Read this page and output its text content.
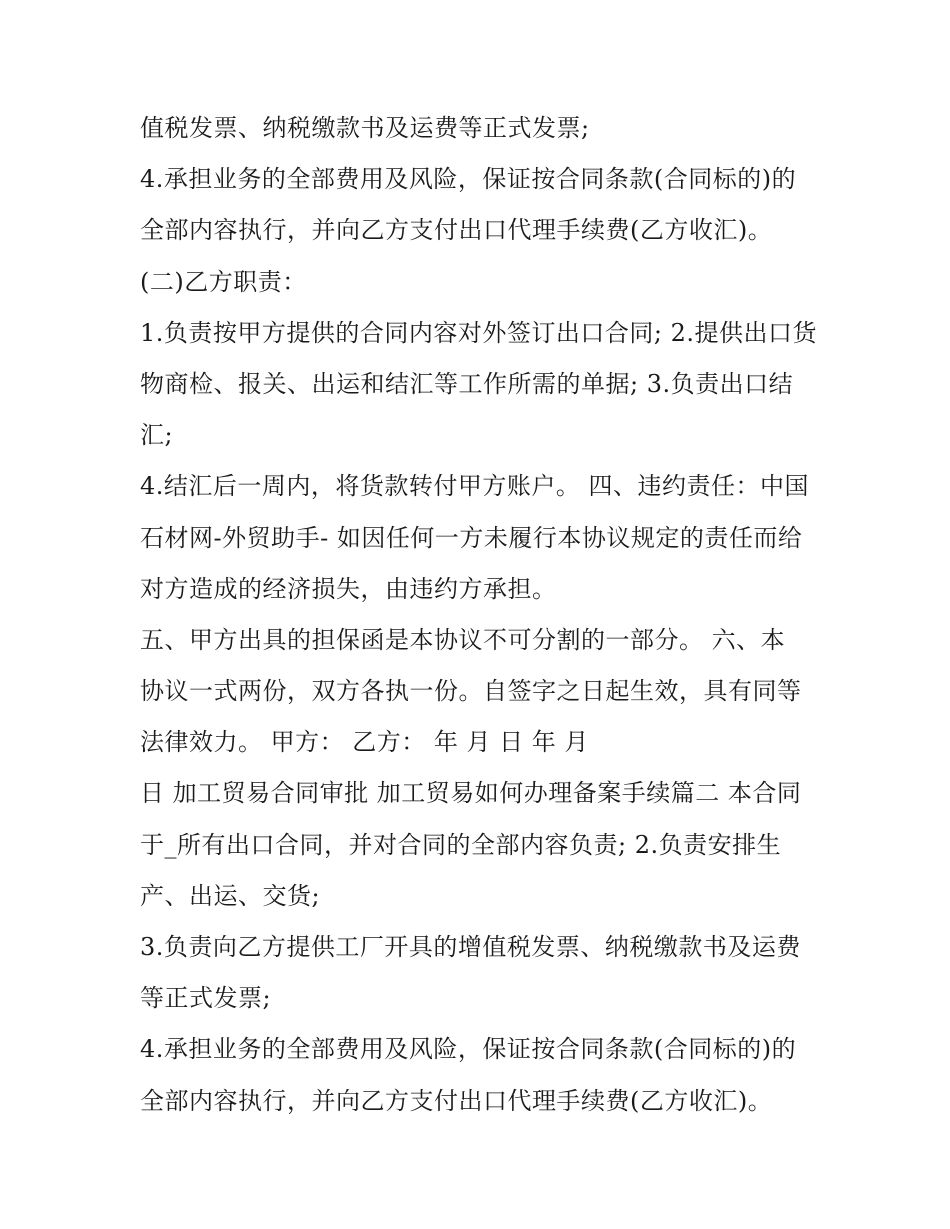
值税发票、纳税缴款书及运费等正式发票;
4.承担业务的全部费用及风险，保证按合同条款(合同标的)的
全部内容执行，并向乙方支付出口代理手续费(乙方收汇)。
(二)乙方职责：
1.负责按甲方提供的合同内容对外签订出口合同; 2.提供出口货
物商检、报关、出运和结汇等工作所需的单据; 3.负责出口结
汇;
4.结汇后一周内，将货款转付甲方账户。 四、违约责任：中国
石材网-外贸助手- 如因任何一方未履行本协议规定的责任而给
对方造成的经济损失，由违约方承担。
五、甲方出具的担保函是本协议不可分割的一部分。 六、本
协议一式两份，双方各执一份。自签字之日起生效，具有同等
法律效力。 甲方： 乙方： 年 月 日 年 月
日 加工贸易合同审批 加工贸易如何办理备案手续篇二 本合同
于_所有出口合同，并对合同的全部内容负责; 2.负责安排生
产、出运、交货;
3.负责向乙方提供工厂开具的增值税发票、纳税缴款书及运费
等正式发票;
4.承担业务的全部费用及风险，保证按合同条款(合同标的)的
全部内容执行，并向乙方支付出口代理手续费(乙方收汇)。
